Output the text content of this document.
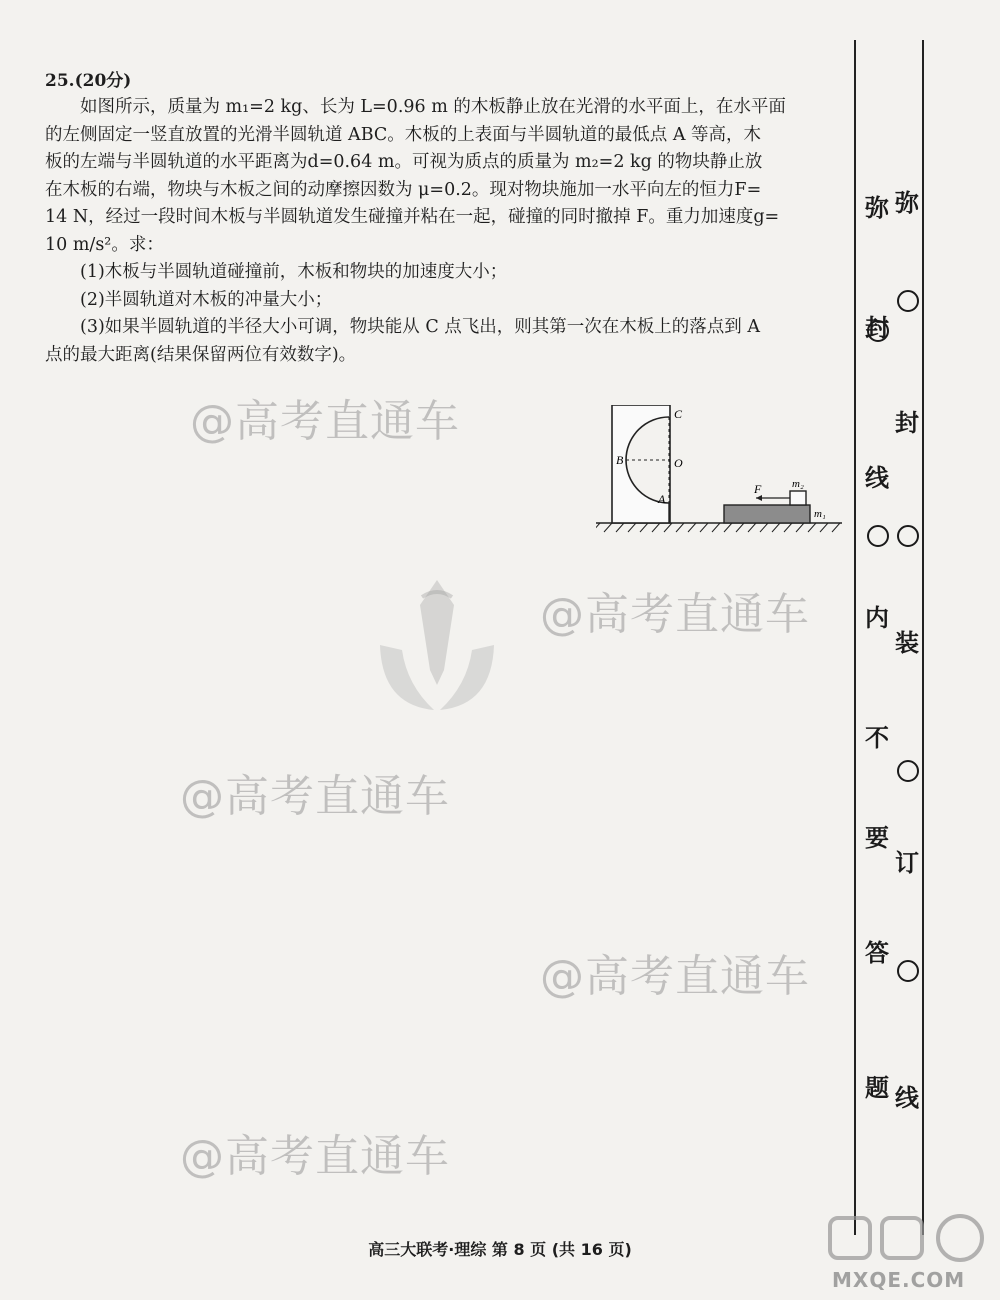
@高考直通车
@高考直通车
@高考直通车
@高考直通车
@高考直通车
25.(20分)

如图所示，质量为 m₁=2 kg、长为 L=0.96 m 的木板静止放在光滑的水平面上，在水平面

的左侧固定一竖直放置的光滑半圆轨道 ABC。木板的上表面与半圆轨道的最低点 A 等高，木

板的左端与半圆轨道的水平距离为d=0.64 m。可视为质点的质量为 m₂=2 kg 的物块静止放

在木板的右端，物块与木板之间的动摩擦因数为 μ=0.2。现对物块施加一水平向左的恒力F=

14 N，经过一段时间木板与半圆轨道发生碰撞并粘在一起，碰撞的同时撤掉 F。重力加速度g=

10 m/s²。求：

(1)木板与半圆轨道碰撞前，木板和物块的加速度大小；

(2)半圆轨道对木板的冲量大小；

(3)如果半圆轨道的半径大小可调，物块能从 C 点飞出，则其第一次在木板上的落点到 A

点的最大距离(结果保留两位有效数字)。

C
B	O
A
F	m₂
m₁
弥
封
线
内
不
要
答
题
弥
封
装
订
线
高三大联考·理综 第 8 页 (共 16 页)
MXQE.COM
